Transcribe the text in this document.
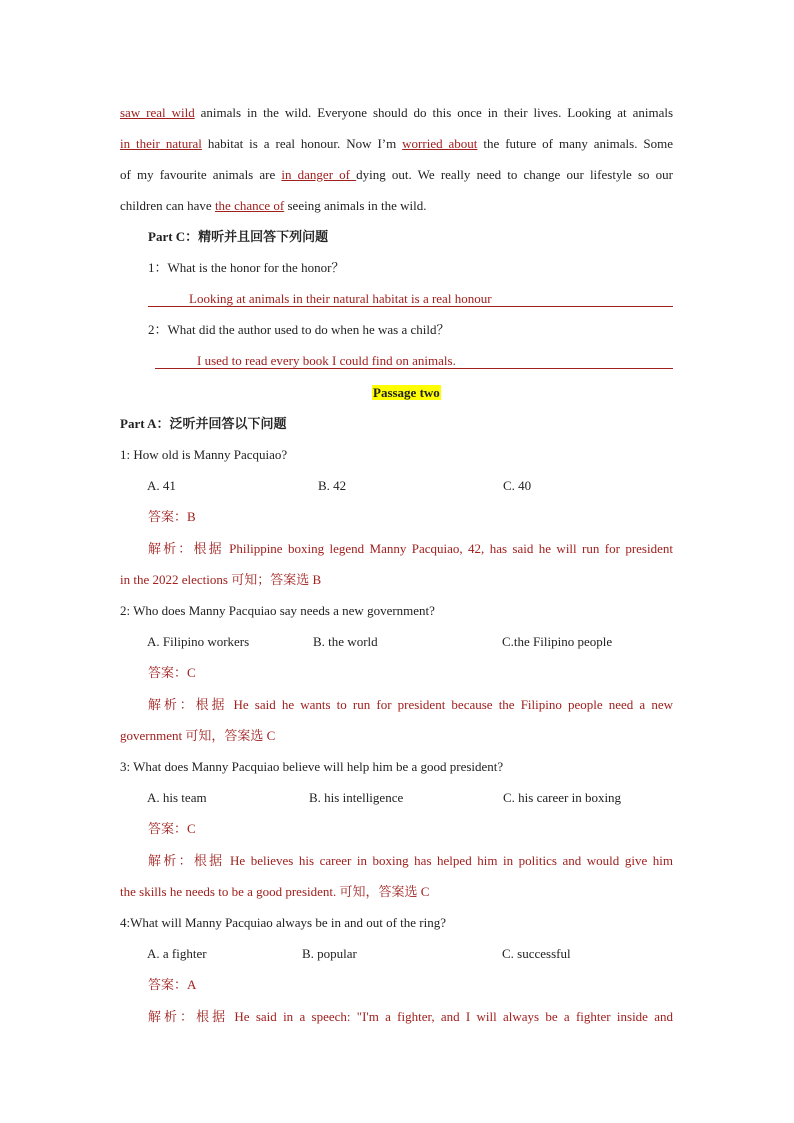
saw real wild animals in the wild. Everyone should do this once in their lives. Looking at animals
in their natural habitat is a real honour. Now I’m worried about the future of many animals. Some
of my favourite animals are in danger of dying out. We really need to change our lifestyle so our
children can have the chance of seeing animals in the wild.
Part C：精听并且回答下列问题
1：What is the honor for the honor？
Looking at animals in their natural habitat is a real honour
2：What did the author used to do when he was a child？
I used to read every book I could find on animals.
Passage two
Part A：泛听并回答以下问题
1: How old is Manny Pacquiao?
A. 41	B. 42	C. 40
答案：B
解析：根据 Philippine boxing legend Manny Pacquiao, 42, has said he will run for president
in the 2022 elections 可知；答案选 B
2: Who does Manny Pacquiao say needs a new government?
A. Filipino workers	B. the world	C.the Filipino people
答案：C
解析：根据 He said he wants to run for president because the Filipino people need a new
government 可知，答案选 C
3: What does Manny Pacquiao believe will help him be a good president?
A. his team	B. his intelligence	C. his career in boxing
答案：C
解析：根据 He believes his career in boxing has helped him in politics and would give him
the skills he needs to be a good president. 可知，答案选 C
4:What will Manny Pacquiao always be in and out of the ring?
A. a fighter	B. popular	C. successful
答案：A
解析：根据 He said in a speech: "I'm a fighter, and I will always be a fighter inside and
